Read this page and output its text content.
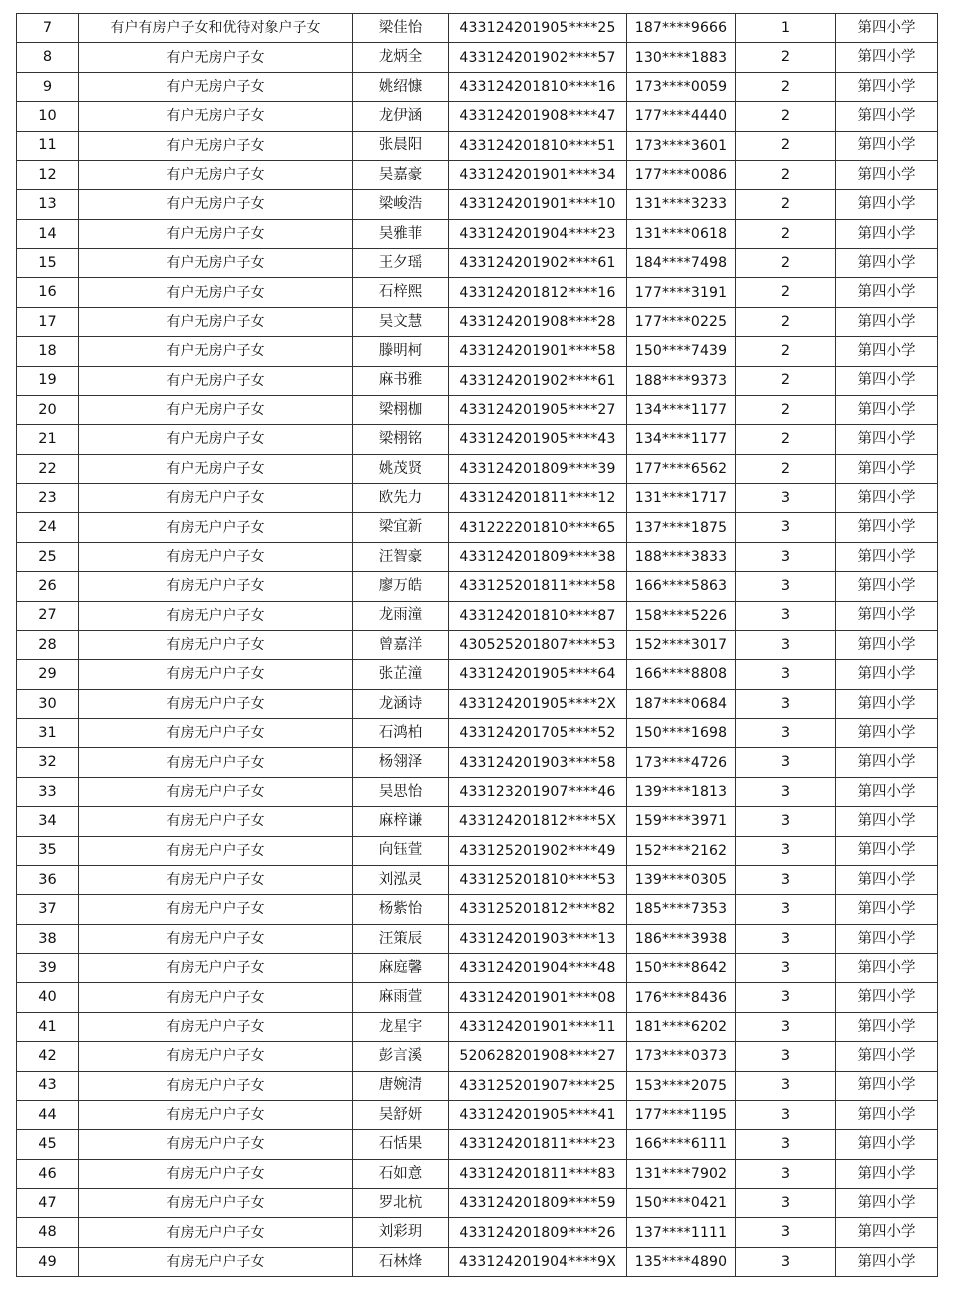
7	有户有房户子女和优待对象户子女	梁佳怡	433124201905****25	187****9666	1	第四小学
8	有户无房户子女	龙炳全	433124201902****57	130****1883	2	第四小学
9	有户无房户子女	姚绍慷	433124201810****16	173****0059	2	第四小学
10	有户无房户子女	龙伊涵	433124201908****47	177****4440	2	第四小学
11	有户无房户子女	张晨阳	433124201810****51	173****3601	2	第四小学
12	有户无房户子女	吴嘉豪	433124201901****34	177****0086	2	第四小学
13	有户无房户子女	梁峻浩	433124201901****10	131****3233	2	第四小学
14	有户无房户子女	吴雅菲	433124201904****23	131****0618	2	第四小学
15	有户无房户子女	王夕瑶	433124201902****61	184****7498	2	第四小学
16	有户无房户子女	石梓熙	433124201812****16	177****3191	2	第四小学
17	有户无房户子女	吴文慧	433124201908****28	177****0225	2	第四小学
18	有户无房户子女	滕明柯	433124201901****58	150****7439	2	第四小学
19	有户无房户子女	麻书雅	433124201902****61	188****9373	2	第四小学
20	有户无房户子女	梁栩枷	433124201905****27	134****1177	2	第四小学
21	有户无房户子女	梁栩铭	433124201905****43	134****1177	2	第四小学
22	有户无房户子女	姚茂贤	433124201809****39	177****6562	2	第四小学
23	有房无户户子女	欧先力	433124201811****12	131****1717	3	第四小学
24	有房无户户子女	梁宜新	431222201810****65	137****1875	3	第四小学
25	有房无户户子女	汪智豪	433124201809****38	188****3833	3	第四小学
26	有房无户户子女	廖万皓	433125201811****58	166****5863	3	第四小学
27	有房无户户子女	龙雨潼	433124201810****87	158****5226	3	第四小学
28	有房无户户子女	曾嘉洋	430525201807****53	152****3017	3	第四小学
29	有房无户户子女	张芷潼	433124201905****64	166****8808	3	第四小学
30	有房无户户子女	龙涵诗	433124201905****2X	187****0684	3	第四小学
31	有房无户户子女	石鸿柏	433124201705****52	150****1698	3	第四小学
32	有房无户户子女	杨翎泽	433124201903****58	173****4726	3	第四小学
33	有房无户户子女	吴思怡	433123201907****46	139****1813	3	第四小学
34	有房无户户子女	麻梓谦	433124201812****5X	159****3971	3	第四小学
35	有房无户户子女	向钰萱	433125201902****49	152****2162	3	第四小学
36	有房无户户子女	刘泓灵	433125201810****53	139****0305	3	第四小学
37	有房无户户子女	杨紫怡	433125201812****82	185****7353	3	第四小学
38	有房无户户子女	汪策辰	433124201903****13	186****3938	3	第四小学
39	有房无户户子女	麻庭馨	433124201904****48	150****8642	3	第四小学
40	有房无户户子女	麻雨萱	433124201901****08	176****8436	3	第四小学
41	有房无户户子女	龙星宇	433124201901****11	181****6202	3	第四小学
42	有房无户户子女	彭言溪	520628201908****27	173****0373	3	第四小学
43	有房无户户子女	唐婉清	433125201907****25	153****2075	3	第四小学
44	有房无户户子女	吴舒妍	433124201905****41	177****1195	3	第四小学
45	有房无户户子女	石恬果	433124201811****23	166****6111	3	第四小学
46	有房无户户子女	石如意	433124201811****83	131****7902	3	第四小学
47	有房无户户子女	罗北杭	433124201809****59	150****0421	3	第四小学
48	有房无户户子女	刘彩玥	433124201809****26	137****1111	3	第四小学
49	有房无户户子女	石林烽	433124201904****9X	135****4890	3	第四小学
